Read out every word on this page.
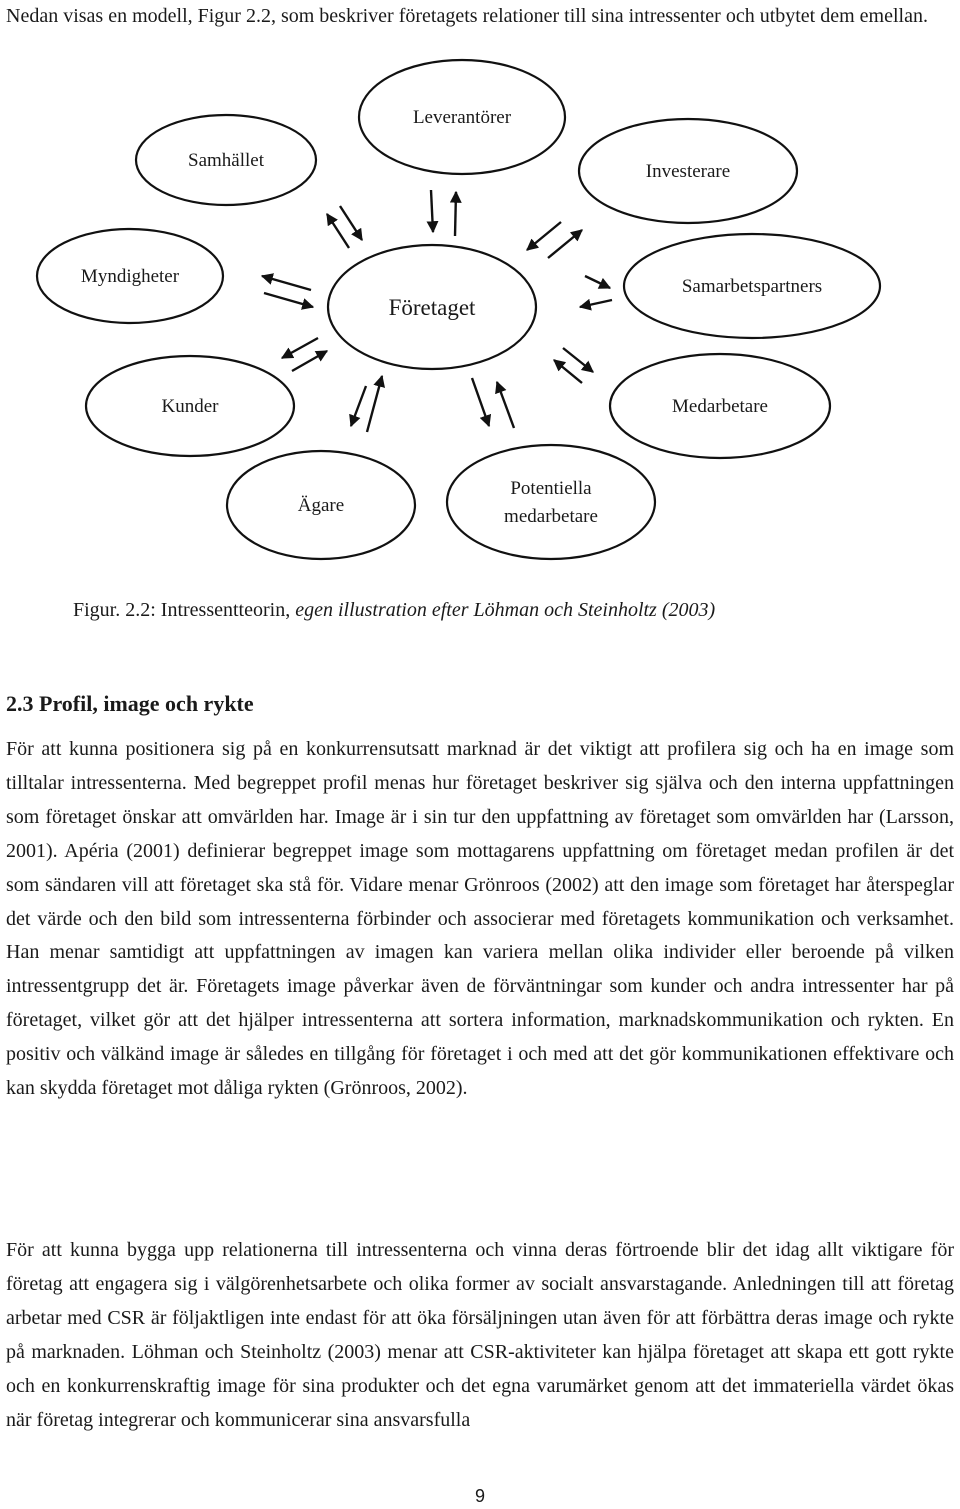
Nedan visas en modell, Figur 2.2, som beskriver företagets relationer till sina intressenter och utbytet dem emellan.

Leverantörer
Samhället
Investerare
Myndigheter
Företaget
Samarbetspartners
Kunder	Medarbetare
Ägare
Potentiella
medarbetare

Figur. 2.2: Intressentteorin, egen illustration efter Löhman och Steinholtz (2003)

2.3 Profil, image och rykte

För att kunna positionera sig på en konkurrensutsatt marknad är det viktigt att profilera sig och ha en image som tilltalar intressenterna. Med begreppet profil menas hur företaget beskriver sig själva och den interna uppfattningen som företaget önskar att omvärlden har. Image är i sin tur den uppfattning av företaget som omvärlden har (Larsson, 2001). Apéria (2001) definierar begreppet image som mottagarens uppfattning om företaget medan profilen är det som sändaren vill att företaget ska stå för. Vidare menar Grönroos (2002) att den image som företaget har återspeglar det värde och den bild som intressenterna förbinder och associerar med företagets kommunikation och verksamhet. Han menar samtidigt att uppfattningen av imagen kan variera mellan olika individer eller beroende på vilken intressentgrupp det är. Företagets image påverkar även de förväntningar som kunder och andra intressenter har på företaget, vilket gör att det hjälper intressenterna att sortera information, marknadskommunikation och rykten. En positiv och välkänd image är således en tillgång för företaget i och med att det gör kommunikationen effektivare och kan skydda företaget mot dåliga rykten (Grönroos, 2002).

För att kunna bygga upp relationerna till intressenterna och vinna deras förtroende blir det idag allt viktigare för företag att engagera sig i välgörenhetsarbete och olika former av socialt ansvarstagande. Anledningen till att företag arbetar med CSR är följaktligen inte endast för att öka försäljningen utan även för att förbättra deras image och rykte på marknaden. Löhman och Steinholtz (2003) menar att CSR-aktiviteter kan hjälpa företaget att skapa ett gott rykte och en konkurrenskraftig image för sina produkter och det egna varumärket genom att det immateriella värdet ökas när företag integrerar och kommunicerar sina ansvarsfulla

9
